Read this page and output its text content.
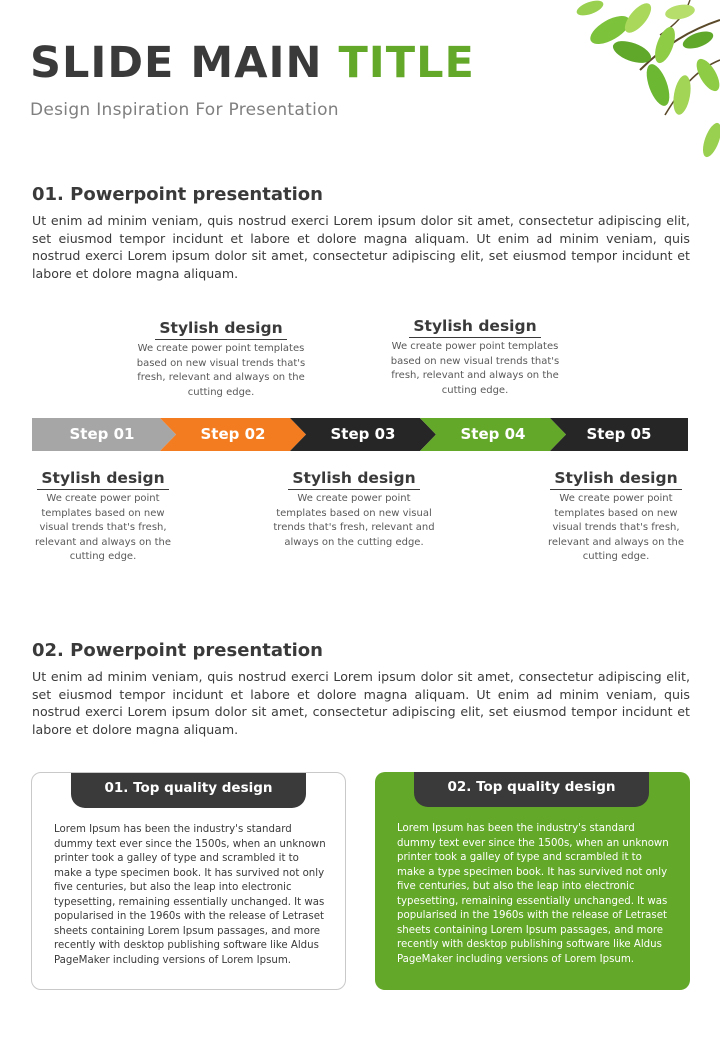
SLIDE MAIN TITLE
Design Inspiration For Presentation
01. Powerpoint presentation
Ut enim ad minim veniam, quis nostrud exerci Lorem ipsum dolor sit amet, consectetur adipiscing elit, set eiusmod tempor incidunt et labore et dolore magna aliquam. Ut enim ad minim veniam, quis nostrud exerci Lorem ipsum dolor sit amet, consectetur adipiscing elit, set eiusmod tempor incidunt et labore et dolore magna aliquam.
Stylish design
We create power point templates based on new visual trends that's fresh, relevant and always on the cutting edge.
Stylish design
We create power point templates based on new visual trends that's fresh, relevant and always on the cutting edge.
Step 01	Step 02	Step 03	Step 04	Step 05
Stylish design
We create power point templates based on new visual trends that's fresh, relevant and always on the cutting edge.
Stylish design
We create power point templates based on new visual trends that's fresh, relevant and always on the cutting edge.
Stylish design
We create power point templates based on new visual trends that's fresh, relevant and always on the cutting edge.
02. Powerpoint presentation
Ut enim ad minim veniam, quis nostrud exerci Lorem ipsum dolor sit amet, consectetur adipiscing elit, set eiusmod tempor incidunt et labore et dolore magna aliquam. Ut enim ad minim veniam, quis nostrud exerci Lorem ipsum dolor sit amet, consectetur adipiscing elit, set eiusmod tempor incidunt et labore et dolore magna aliquam.
01. Top quality design
Lorem Ipsum has been the industry's standard dummy text ever since the 1500s, when an unknown printer took a galley of type and scrambled it to make a type specimen book. It has survived not only five centuries, but also the leap into electronic typesetting, remaining essentially unchanged. It was popularised in the 1960s with the release of Letraset sheets containing Lorem Ipsum passages, and more recently with desktop publishing software like Aldus PageMaker including versions of Lorem Ipsum.
02. Top quality design
Lorem Ipsum has been the industry's standard dummy text ever since the 1500s, when an unknown printer took a galley of type and scrambled it to make a type specimen book. It has survived not only five centuries, but also the leap into electronic typesetting, remaining essentially unchanged. It was popularised in the 1960s with the release of Letraset sheets containing Lorem Ipsum passages, and more recently with desktop publishing software like Aldus PageMaker including versions of Lorem Ipsum.
